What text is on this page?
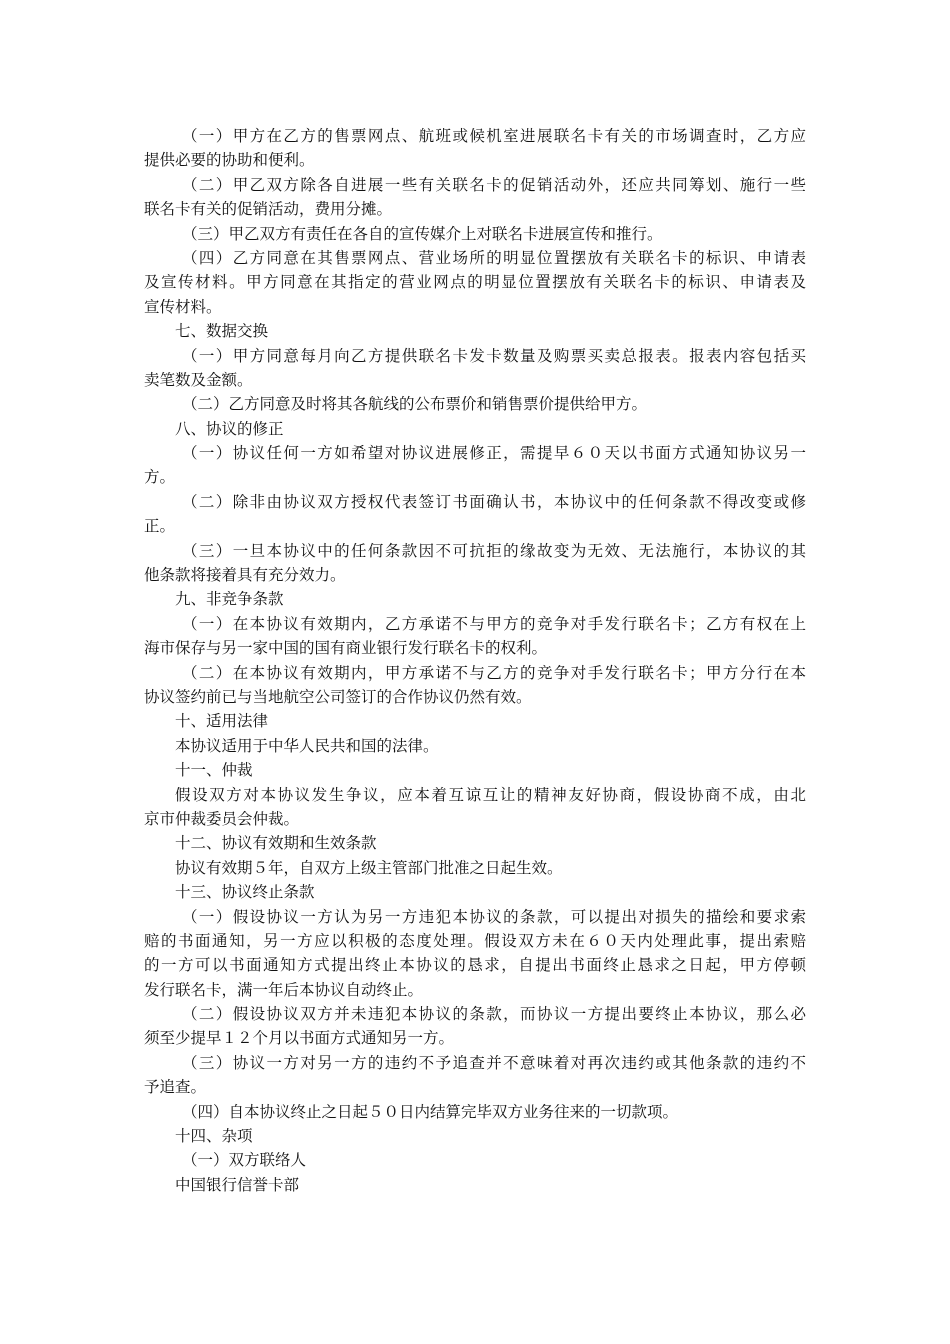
（一）甲方在乙方的售票网点、航班或候机室进展联名卡有关的市场调查时，乙方应
提供必要的协助和便利。
（二）甲乙双方除各自进展一些有关联名卡的促销活动外，还应共同筹划、施行一些
联名卡有关的促销活动，费用分摊。
（三）甲乙双方有责任在各自的宣传媒介上对联名卡进展宣传和推行。
（四）乙方同意在其售票网点、营业场所的明显位置摆放有关联名卡的标识、申请表
及宣传材料。甲方同意在其指定的营业网点的明显位置摆放有关联名卡的标识、申请表及
宣传材料。
七、数据交换
（一）甲方同意每月向乙方提供联名卡发卡数量及购票买卖总报表。报表内容包括买
卖笔数及金额。
（二）乙方同意及时将其各航线的公布票价和销售票价提供给甲方。
八、协议的修正
（一）协议任何一方如希望对协议进展修正，需提早６０天以书面方式通知协议另一
方。
（二）除非由协议双方授权代表签订书面确认书，本协议中的任何条款不得改变或修
正。
（三）一旦本协议中的任何条款因不可抗拒的缘故变为无效、无法施行，本协议的其
他条款将接着具有充分效力。
九、非竞争条款
（一）在本协议有效期内，乙方承诺不与甲方的竞争对手发行联名卡；乙方有权在上
海市保存与另一家中国的国有商业银行发行联名卡的权利。
（二）在本协议有效期内，甲方承诺不与乙方的竞争对手发行联名卡；甲方分行在本
协议签约前已与当地航空公司签订的合作协议仍然有效。
十、适用法律
本协议适用于中华人民共和国的法律。
十一、仲裁
假设双方对本协议发生争议，应本着互谅互让的精神友好协商，假设协商不成，由北
京市仲裁委员会仲裁。
十二、协议有效期和生效条款
协议有效期５年，自双方上级主管部门批准之日起生效。
十三、协议终止条款
（一）假设协议一方认为另一方违犯本协议的条款，可以提出对损失的描绘和要求索
赔的书面通知，另一方应以积极的态度处理。假设双方未在６０天内处理此事，提出索赔
的一方可以书面通知方式提出终止本协议的恳求，自提出书面终止恳求之日起，甲方停顿
发行联名卡，满一年后本协议自动终止。
（二）假设协议双方并未违犯本协议的条款，而协议一方提出要终止本协议，那么必
须至少提早１２个月以书面方式通知另一方。
（三）协议一方对另一方的违约不予追查并不意味着对再次违约或其他条款的违约不
予追查。
（四）自本协议终止之日起５０日内结算完毕双方业务往来的一切款项。
十四、杂项
（一）双方联络人
中国银行信誉卡部
